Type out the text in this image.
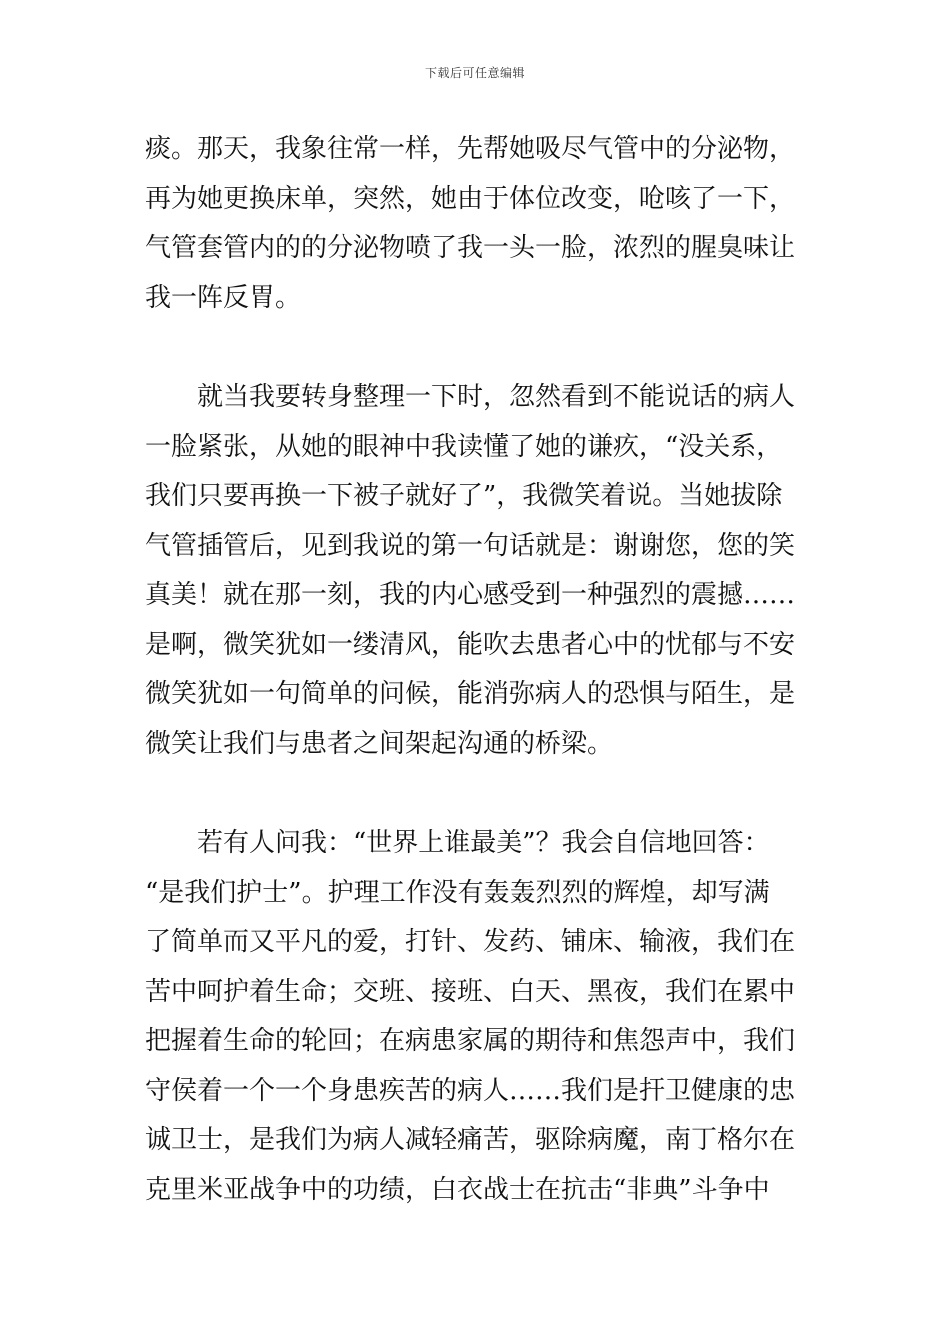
下载后可任意编辑
痰。那天，我象往常一样，先帮她吸尽气管中的分泌物，
再为她更换床单，突然，她由于体位改变，呛咳了一下，
气管套管内的的分泌物喷了我一头一脸，浓烈的腥臭味让
我一阵反胃。
　　就当我要转身整理一下时，忽然看到不能说话的病人
一脸紧张，从她的眼神中我读懂了她的谦疚，“没关系，
我们只要再换一下被子就好了”，我微笑着说。当她拔除
气管插管后，见到我说的第一句话就是：谢谢您，您的笑
真美！就在那一刻，我的内心感受到一种强烈的震撼……
是啊，微笑犹如一缕清风，能吹去患者心中的忧郁与不安
微笑犹如一句简单的问候，能消弥病人的恐惧与陌生，是
微笑让我们与患者之间架起沟通的桥梁。
　　若有人问我：“世界上谁最美”？我会自信地回答：
“是我们护士”。护理工作没有轰轰烈烈的辉煌，却写满
了简单而又平凡的爱，打针、发药、铺床、输液，我们在
苦中呵护着生命；交班、接班、白天、黑夜，我们在累中
把握着生命的轮回；在病患家属的期待和焦怨声中，我们
守侯着一个一个身患疾苦的病人……我们是扞卫健康的忠
诚卫士，是我们为病人减轻痛苦，驱除病魔，南丁格尔在
克里米亚战争中的功绩，白衣战士在抗击“非典”斗争中
